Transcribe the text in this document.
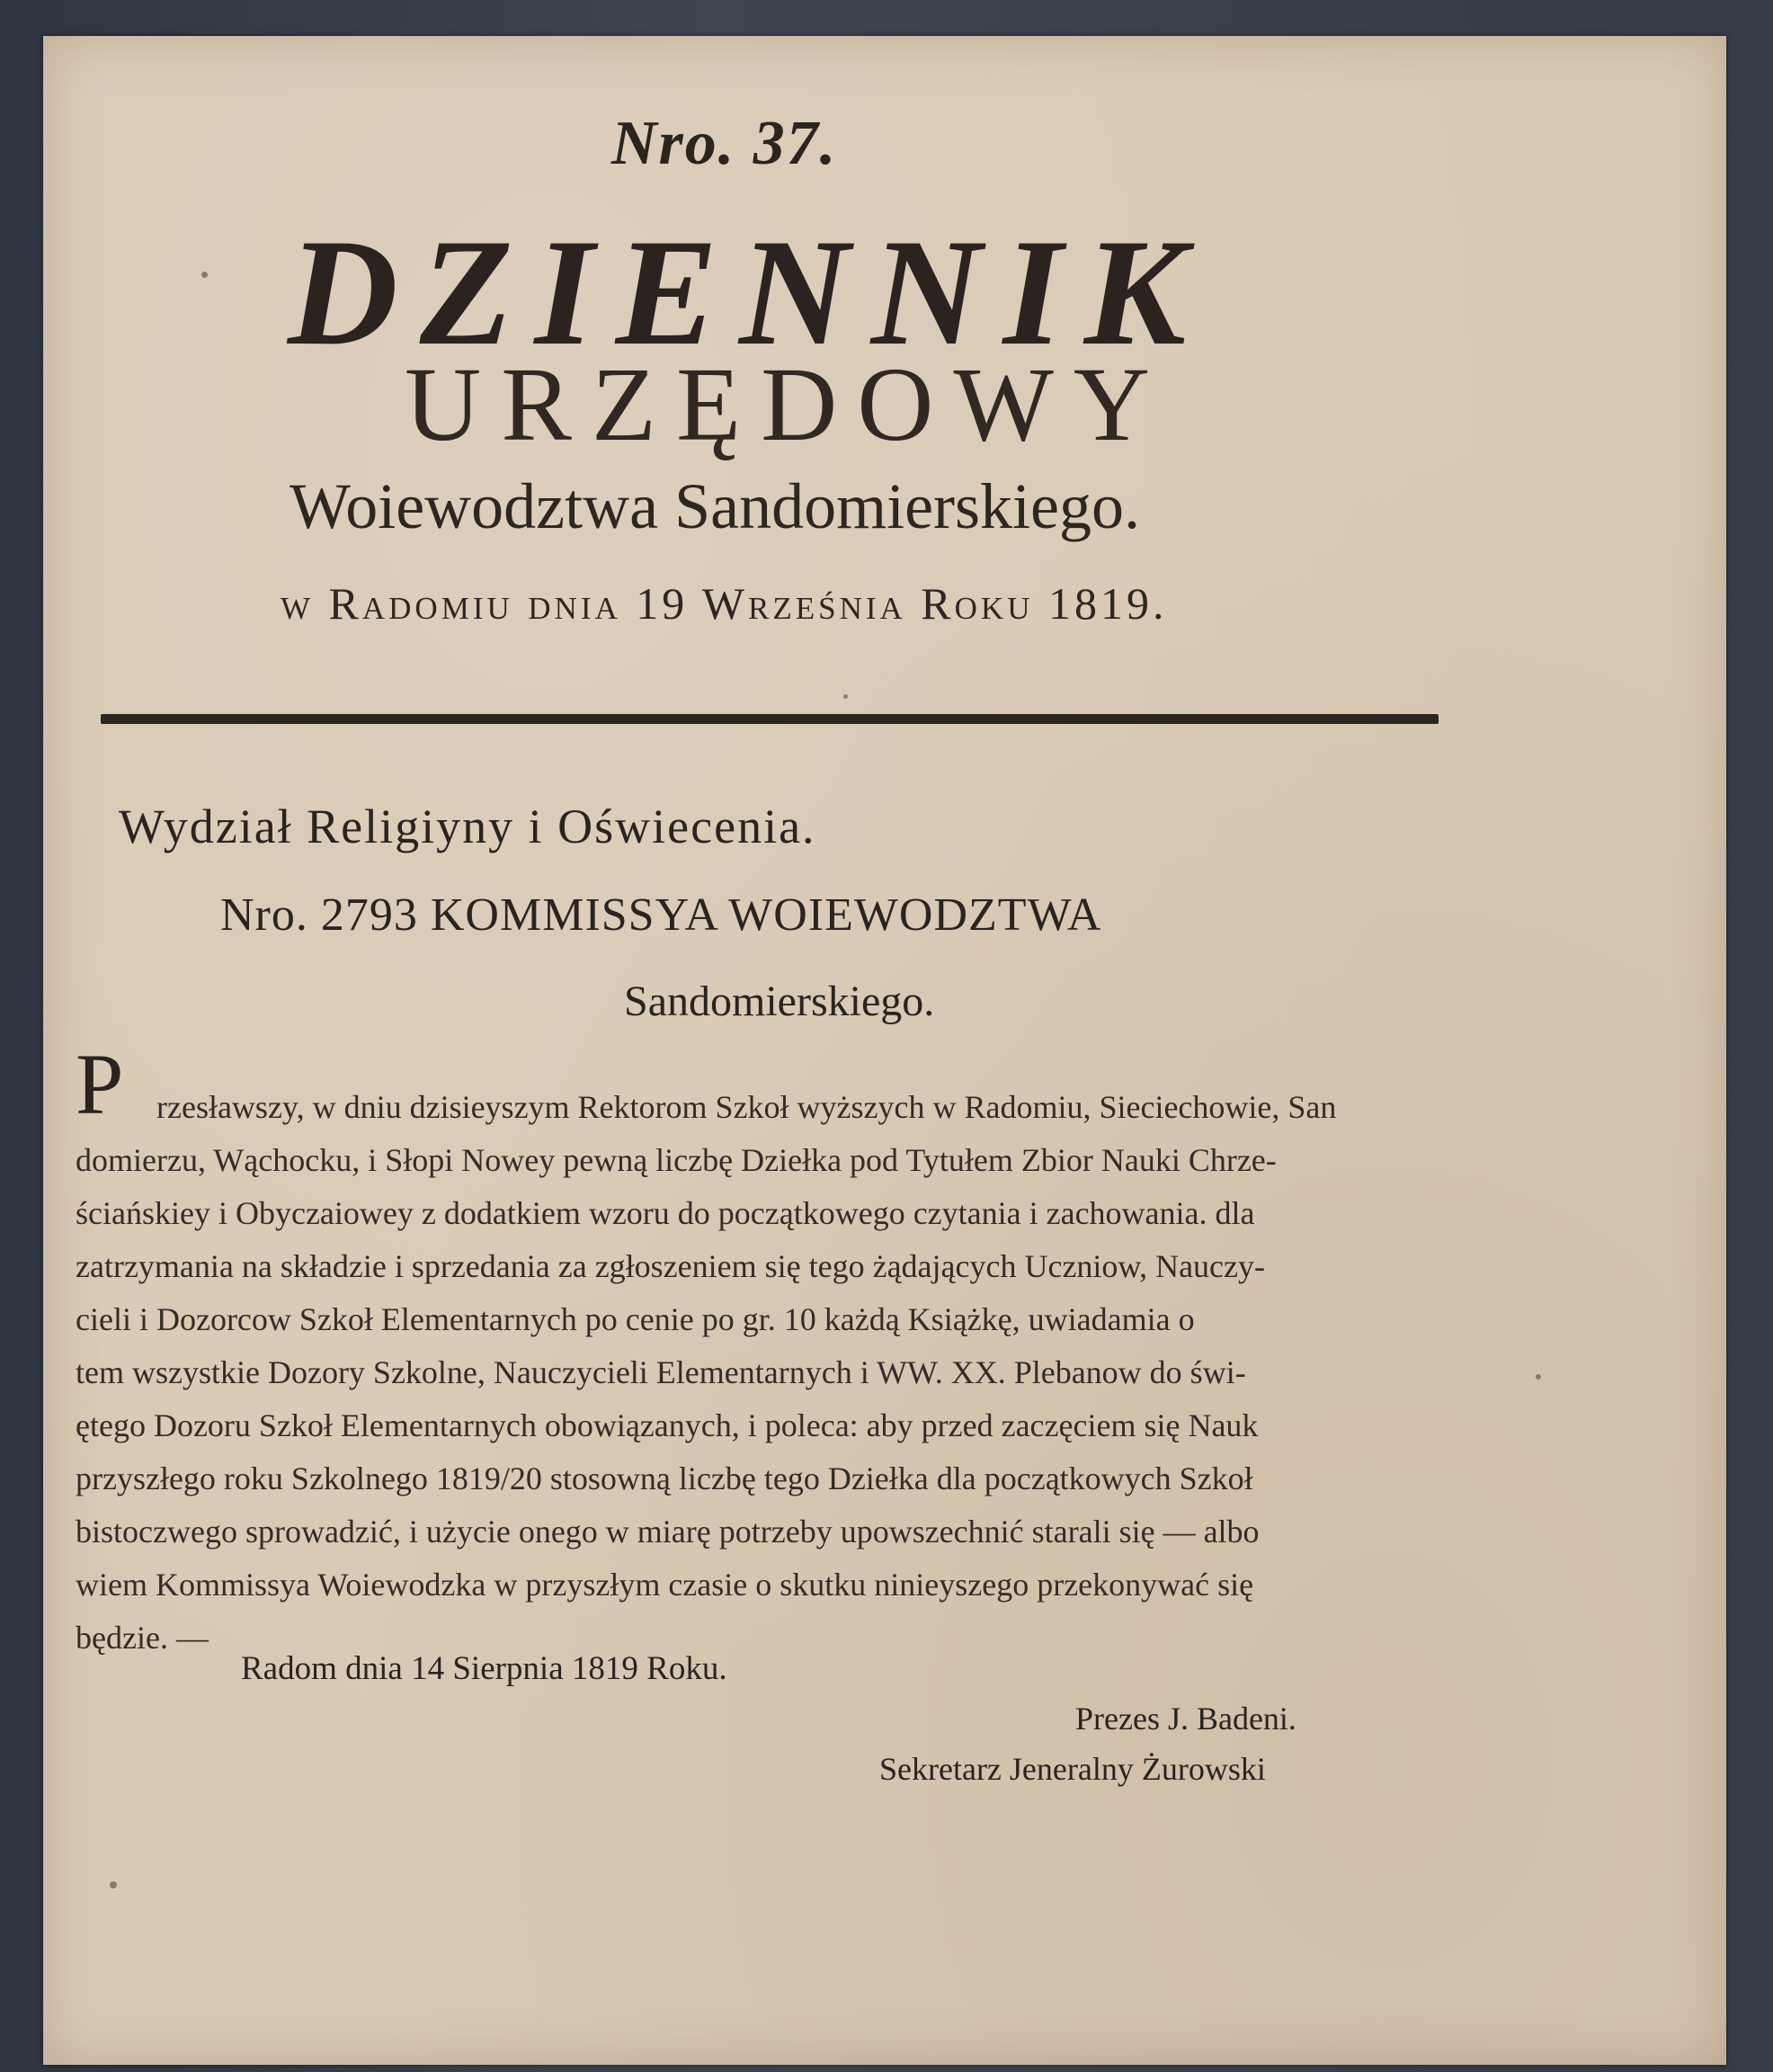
Nro. 37.
DZIENNIK
URZĘDOWY
Woiewodztwa Sandomierskiego.
w Radomiu dnia 19 Września Roku 1819.
Wydział Religiyny i Oświecenia.
Nro. 2793 KOMMISSYA WOIEWODZTWA
Sandomierskiego.
P	rzesławszy, w dniu dzisieyszym Rektorom Szkoł wyższych w Radomiu, Sieciechowie, San
domierzu, Wąchocku, i Słopi Nowey pewną liczbę Dziełka pod Tytułem Zbior Nauki Chrze-
ściańskiey i Obyczaiowey z dodatkiem wzoru do początkowego czytania i zachowania. dla
zatrzymania na składzie i sprzedania za zgłoszeniem się tego żądających Uczniow, Nauczy-
cieli i Dozorcow Szkoł Elementarnych po cenie po gr. 10 każdą Książkę, uwiadamia o
tem wszystkie Dozory Szkolne, Nauczycieli Elementarnych i WW. XX. Plebanow do świ-
ętego Dozoru Szkoł Elementarnych obowiązanych, i poleca: aby przed zaczęciem się Nauk
przyszłego roku Szkolnego 1819/20 stosowną liczbę tego Dziełka dla początkowych Szkoł
bistoczwego sprowadzić, i użycie onego w miarę potrzeby upowszechnić starali się — albo
wiem Kommissya Woiewodzka w przyszłym czasie o skutku ninieyszego przekonywać się
będzie. —
Radom dnia 14 Sierpnia 1819 Roku.
Prezes J. Badeni.
Sekretarz Jeneralny Żurowski
